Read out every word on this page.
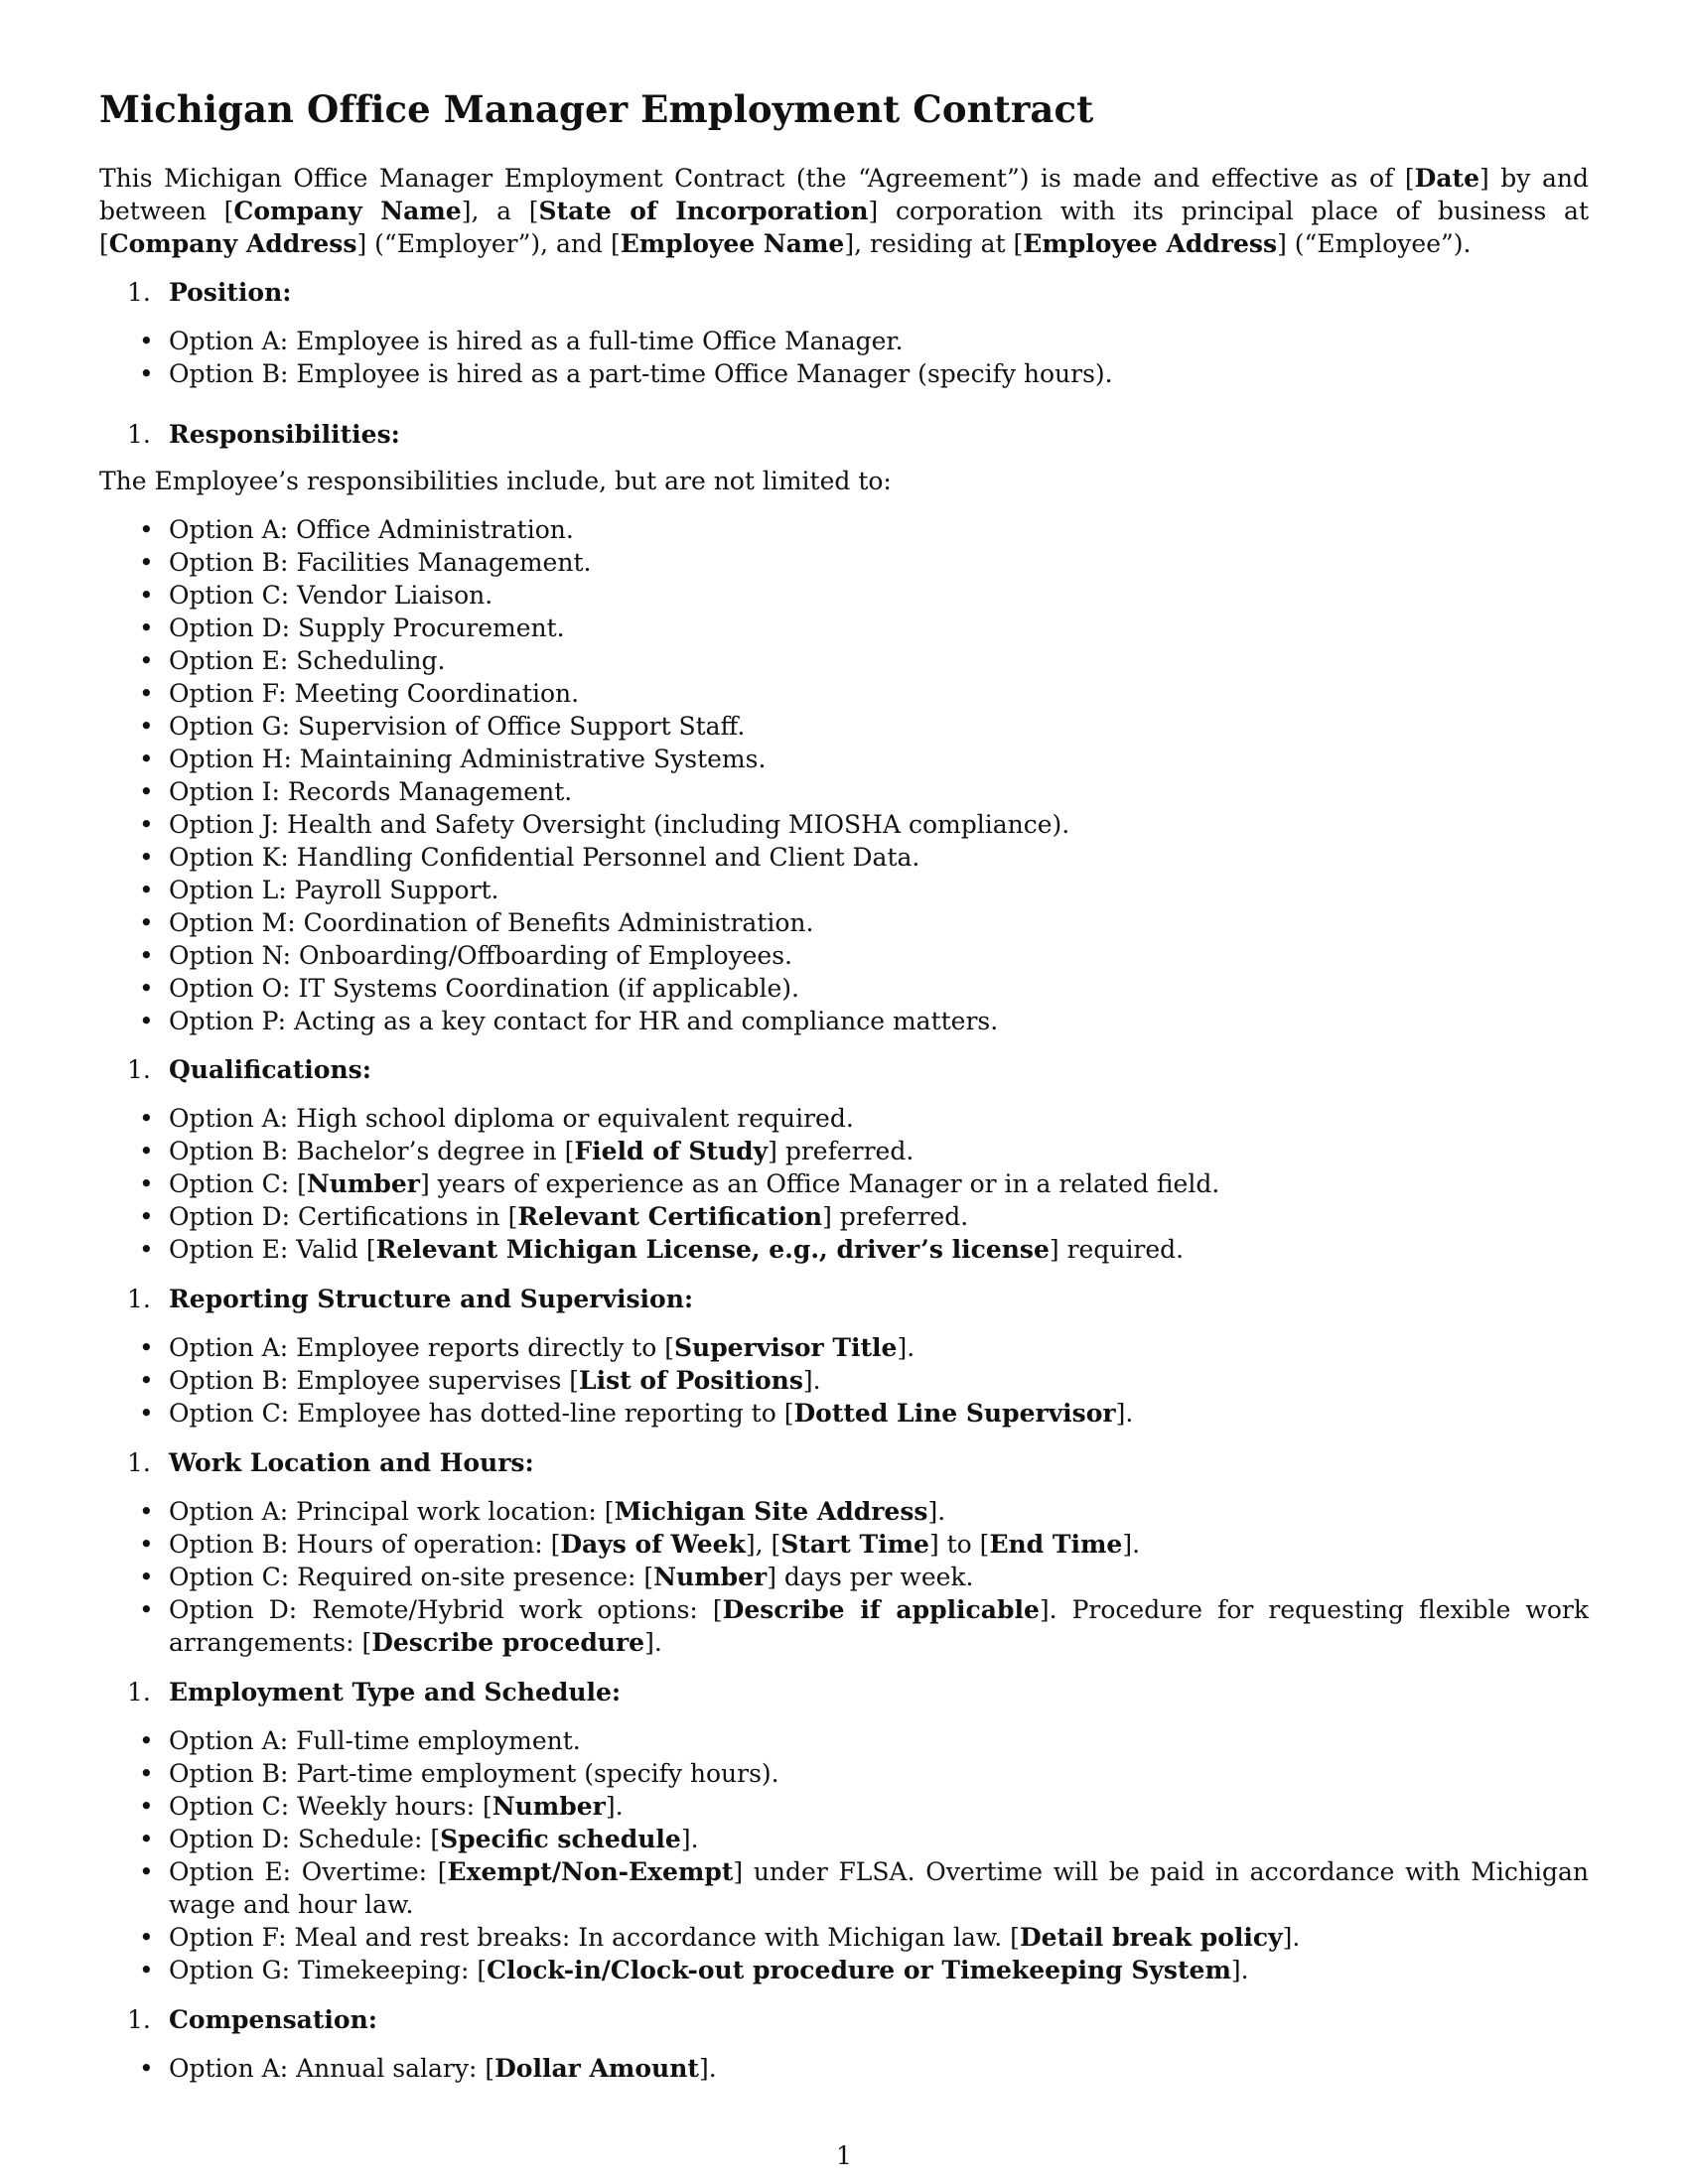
Michigan Office Manager Employment Contract

This Michigan Office Manager Employment Contract (the “Agreement”) is made and effective as of [Date] by and between [Company Name], a [State of Incorporation] corporation with its principal place of business at [Company Address] (“Employer”), and [Employee Name], residing at [Employee Address] (“Employee”).

1. Position:
• Option A: Employee is hired as a full-time Office Manager.
• Option B: Employee is hired as a part-time Office Manager (specify hours).
1. Responsibilities:

The Employee’s responsibilities include, but are not limited to:

• Option A: Office Administration.
• Option B: Facilities Management.
• Option C: Vendor Liaison.
• Option D: Supply Procurement.
• Option E: Scheduling.
• Option F: Meeting Coordination.
• Option G: Supervision of Office Support Staff.
• Option H: Maintaining Administrative Systems.
• Option I: Records Management.
• Option J: Health and Safety Oversight (including MIOSHA compliance).
• Option K: Handling Confidential Personnel and Client Data.
• Option L: Payroll Support.
• Option M: Coordination of Benefits Administration.
• Option N: Onboarding/Offboarding of Employees.
• Option O: IT Systems Coordination (if applicable).
• Option P: Acting as a key contact for HR and compliance matters.
1. Qualifications:
• Option A: High school diploma or equivalent required.
• Option B: Bachelor’s degree in [Field of Study] preferred.
• Option C: [Number] years of experience as an Office Manager or in a related field.
• Option D: Certifications in [Relevant Certification] preferred.
• Option E: Valid [Relevant Michigan License, e.g., driver’s license] required.
1. Reporting Structure and Supervision:
• Option A: Employee reports directly to [Supervisor Title].
• Option B: Employee supervises [List of Positions].
• Option C: Employee has dotted-line reporting to [Dotted Line Supervisor].
1. Work Location and Hours:
• Option A: Principal work location: [Michigan Site Address].
• Option B: Hours of operation: [Days of Week], [Start Time] to [End Time].
• Option C: Required on-site presence: [Number] days per week.
• Option D: Remote/Hybrid work options: [Describe if applicable]. Procedure for requesting flexible work arrangements: [Describe procedure].
1. Employment Type and Schedule:
• Option A: Full-time employment.
• Option B: Part-time employment (specify hours).
• Option C: Weekly hours: [Number].
• Option D: Schedule: [Specific schedule].
• Option E: Overtime: [Exempt/Non-Exempt] under FLSA. Overtime will be paid in accordance with Michigan wage and hour law.
• Option F: Meal and rest breaks: In accordance with Michigan law. [Detail break policy].
• Option G: Timekeeping: [Clock-in/Clock-out procedure or Timekeeping System].
1. Compensation:
• Option A: Annual salary: [Dollar Amount].
1
